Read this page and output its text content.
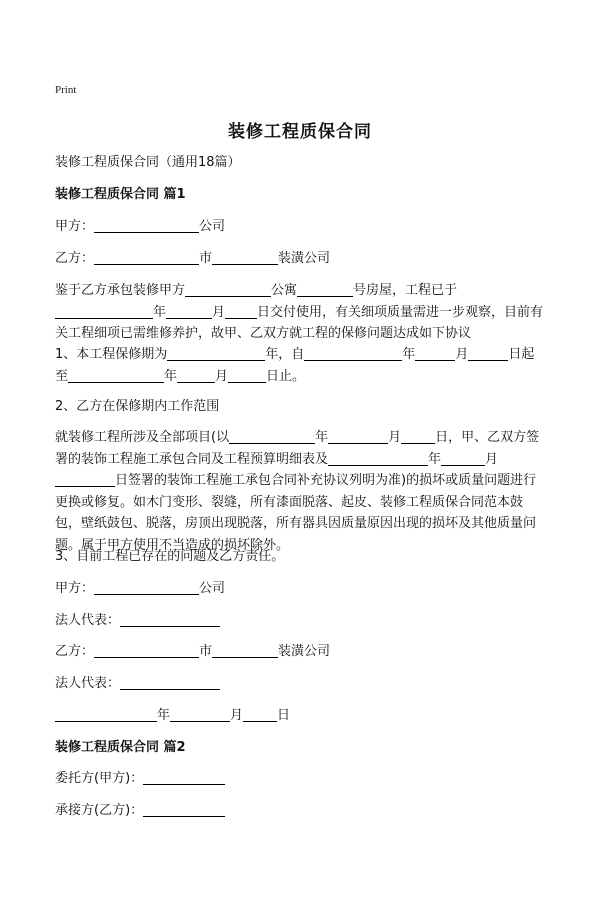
Print
装修工程质保合同
装修工程质保合同（通用18篇）
装修工程质保合同 篇1
甲方：	公司
乙方：	市	装潢公司
鉴于乙方承包装修甲方	公寓	号房屋，工程已于年	月 日交付使用，有关细项质量需进一步观察，目前有关工程细项已需维修养护，故甲、乙双方就工程的保修问题达成如下协议
1、本工程保修期为	年，自	年	月	日起至	年	月	日止。
2、乙方在保修期内工作范围
就装修工程所涉及全部项目(以	年	月	日，甲、乙双方签署的装饰工程施工承包合同及工程预算明细表及	年	月日签署的装饰工程施工承包合同补充协议列明为准)的损坏或质量问题进行更换或修复。如木门变形、裂缝，所有漆面脱落、起皮、装修工程质保合同范本鼓包，壁纸鼓包、脱落，房顶出现脱落，所有器具因质量原因出现的损坏及其他质量问题。属于甲方使用不当造成的损坏除外。
3、目前工程已存在的问题及乙方责任。
甲方：	公司
法人代表：
乙方：	市	装潢公司
法人代表：
年	月	日
装修工程质保合同 篇2
委托方(甲方)：
承接方(乙方)：
